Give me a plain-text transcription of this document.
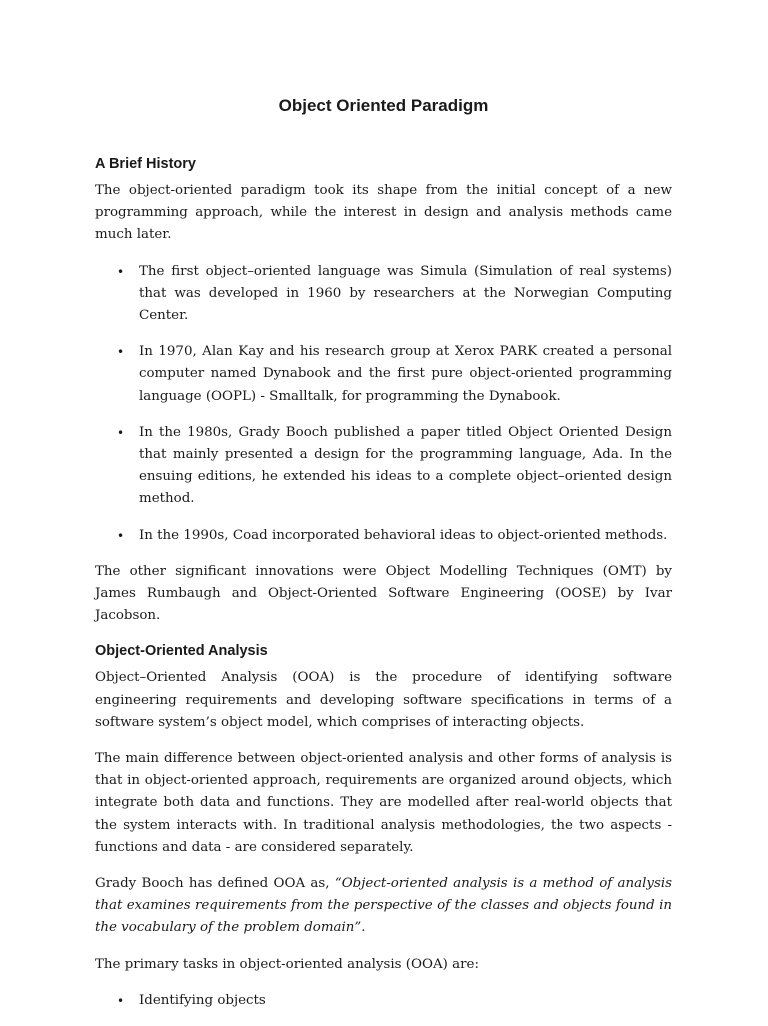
Object Oriented Paradigm
A Brief History

The object-oriented paradigm took its shape from the initial concept of a new programming approach, while the interest in design and analysis methods came much later.

• The first object–oriented language was Simula (Simulation of real systems) that was developed in 1960 by researchers at the Norwegian Computing Center.
• In 1970, Alan Kay and his research group at Xerox PARK created a personal computer named Dynabook and the first pure object-oriented programming language (OOPL) - Smalltalk, for programming the Dynabook.
• In the 1980s, Grady Booch published a paper titled Object Oriented Design that mainly presented a design for the programming language, Ada. In the ensuing editions, he extended his ideas to a complete object–oriented design method.
• In the 1990s, Coad incorporated behavioral ideas to object-oriented methods.

The other significant innovations were Object Modelling Techniques (OMT) by James Rumbaugh and Object-Oriented Software Engineering (OOSE) by Ivar Jacobson.

Object-Oriented Analysis

Object–Oriented Analysis (OOA) is the procedure of identifying software engineering requirements and developing software specifications in terms of a software system’s object model, which comprises of interacting objects.

The main difference between object-oriented analysis and other forms of analysis is that in object-oriented approach, requirements are organized around objects, which integrate both data and functions. They are modelled after real-world objects that the system interacts with. In traditional analysis methodologies, the two aspects - functions and data - are considered separately.

Grady Booch has defined OOA as, “Object-oriented analysis is a method of analysis that examines requirements from the perspective of the classes and objects found in the vocabulary of the problem domain”.

The primary tasks in object-oriented analysis (OOA) are:

• Identifying objects
